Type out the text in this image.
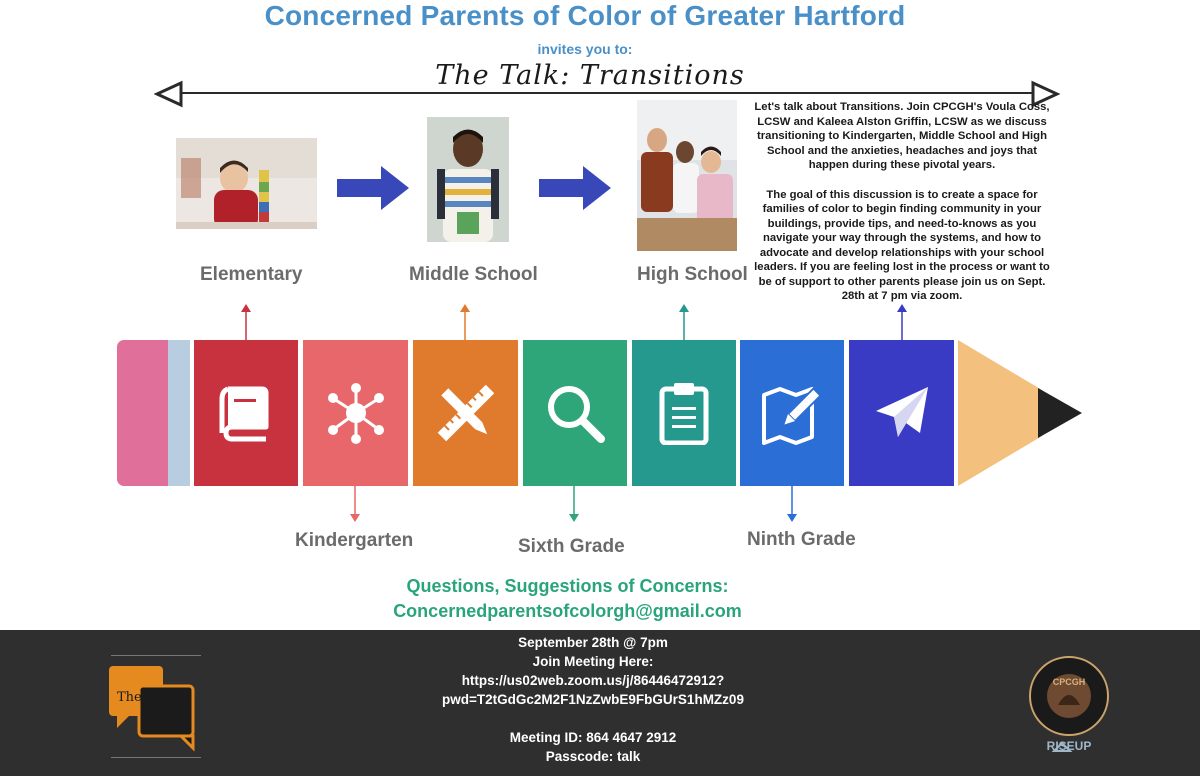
Concerned Parents of Color of Greater Hartford
invites you to:
The Talk: Transitions
Elementary	Middle School	High School

Let's talk about Transitions. Join CPCGH's Voula Coss, LCSW and Kaleea Alston Griffin, LCSW as we discuss transitioning to Kindergarten, Middle School and High School and the anxieties, headaches and joys that happen during these pivotal years.

The goal of this discussion is to create a space for families of color to begin finding community in your buildings, provide tips, and need-to-knows as you navigate your way through the systems, and how to advocate and develop relationships with your school leaders. If you are feeling lost in the process or want to be of support to other parents please join us on Sept. 28th at 7 pm via zoom.

Kindergarten	Sixth Grade	Ninth Grade
Questions, Suggestions of Concerns:
Concernedparentsofcolorgh@gmail.com
The Talk
September 28th @ 7pm
Join Meeting Here:
https://us02web.zoom.us/j/86446472912?
pwd=T2tGdGc2M2F1NzZwbE9FbGUrS1hMZz09
Meeting ID: 864 4647 2912
Passcode: talk
CPCGH
RISEUP
